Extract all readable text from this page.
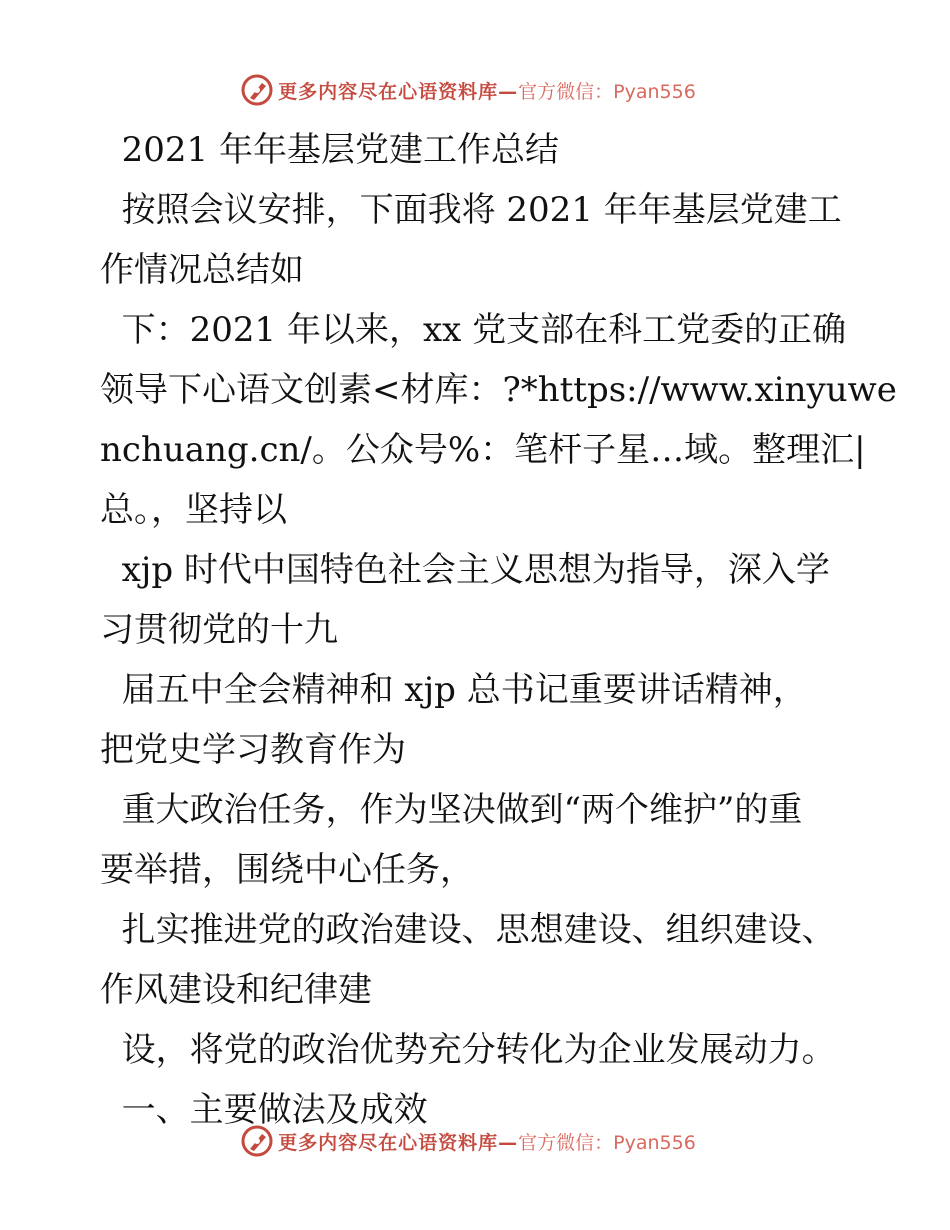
更多内容尽在心语资料库— 官方微信：Pyan556

2021 年年基层党建工作总结

按照会议安排，下面我将 2021 年年基层党建工

作情况总结如

下：2021 年以来，xx 党支部在科工党委的正确

领导下心语文创素<材库：?*https://www.xinyuwe

nchuang.cn/。公众号%：笔杆子星…域。整理汇|

总。，坚持以

xjp 时代中国特色社会主义思想为指导，深入学

习贯彻党的十九

届五中全会精神和 xjp 总书记重要讲话精神，

把党史学习教育作为

重大政治任务，作为坚决做到“两个维护”的重

要举措，围绕中心任务，

扎实推进党的政治建设、思想建设、组织建设、

作风建设和纪律建

设，将党的政治优势充分转化为企业发展动力。

一、主要做法及成效

更多内容尽在心语资料库— 官方微信：Pyan556
